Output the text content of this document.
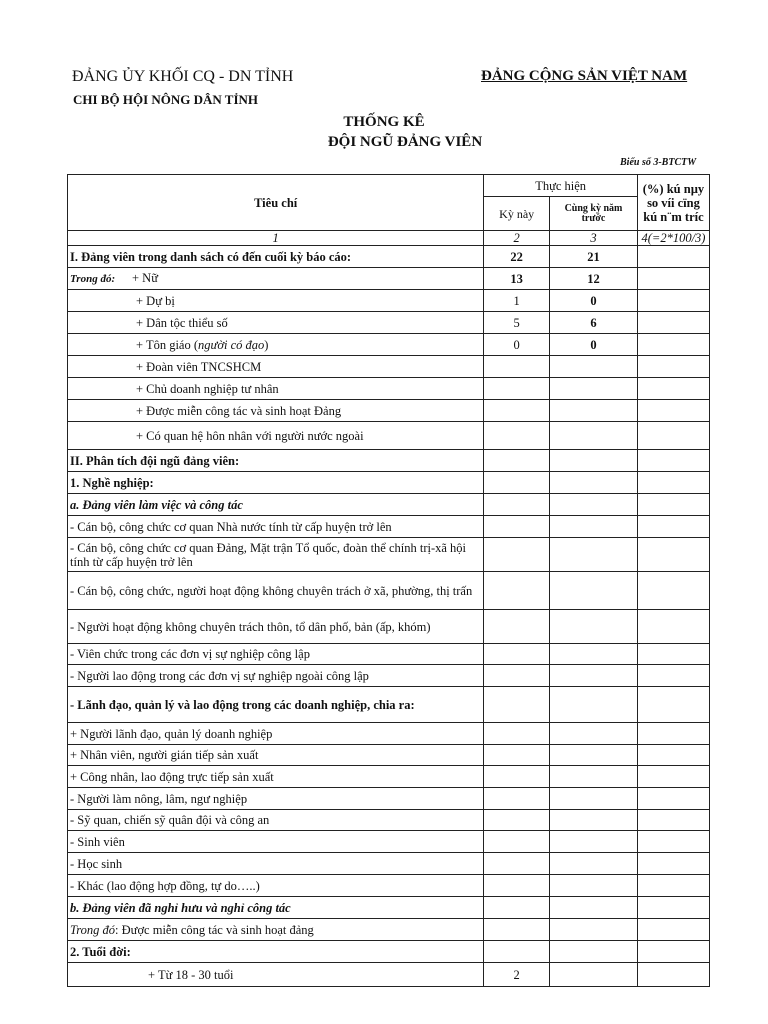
ĐẢNG ỦY KHỐI CQ - DN TỈNH
CHI BỘ HỘI NÔNG DÂN TỈNH
ĐẢNG CỘNG SẢN VIỆT NAM
THỐNG KÊ
ĐỘI NGŨ ĐẢNG VIÊN
Biểu số 3-BTCTW
Tiêu chí	Thực hiện		(%) kú nµy so víi cïng kú n¨m tríc
	Kỳ này	Cùng kỳ năm trước	
1	2	3	4(=2*100/3)
I. Đảng viên trong danh sách có đến cuối kỳ báo cáo:	22	21	
Trong đó: + Nữ	13	12	
+ Dự bị	1	0	
+ Dân tộc thiểu số	5	6	
+ Tôn giáo (người có đạo)	0	0	
+ Đoàn viên TNCSHCM			
+ Chủ doanh nghiệp tư nhân			
+ Được miễn công tác và sinh hoạt Đảng			
+ Có quan hệ hôn nhân với người nước ngoài			
II. Phân tích đội ngũ đảng viên:			
1. Nghề nghiệp:			
a. Đảng viên làm việc và công tác			
- Cán bộ, công chức cơ quan Nhà nước tính từ cấp huyện trở lên			
- Cán bộ, công chức cơ quan Đảng, Mặt trận Tổ quốc, đoàn thể chính trị-xã hội tính từ cấp huyện trở lên			
- Cán bộ, công chức, người hoạt động không chuyên trách ở xã, phường, thị trấn			
- Người hoạt động không chuyên trách thôn, tổ dân phố, bản (ấp, khóm)			
- Viên chức trong các đơn vị sự nghiệp công lập			
- Người lao động trong các đơn vị sự nghiệp ngoài công lập			
- Lãnh đạo, quản lý và lao động trong các doanh nghiệp, chia ra:			
+ Người lãnh đạo, quản lý doanh nghiệp			
+ Nhân viên, người gián tiếp sản xuất			
+ Công nhân, lao động trực tiếp sản xuất			
- Người làm nông, lâm, ngư nghiệp			
- Sỹ quan, chiến sỹ quân đội và công an			
- Sinh viên			
- Học sinh			
- Khác (lao động hợp đồng, tự do…..)			
b. Đảng viên đã nghỉ hưu và nghỉ công tác			
Trong đó: Được miễn công tác và sinh hoạt đảng			
2. Tuổi đời:			
+ Từ 18 - 30 tuổi	2		
